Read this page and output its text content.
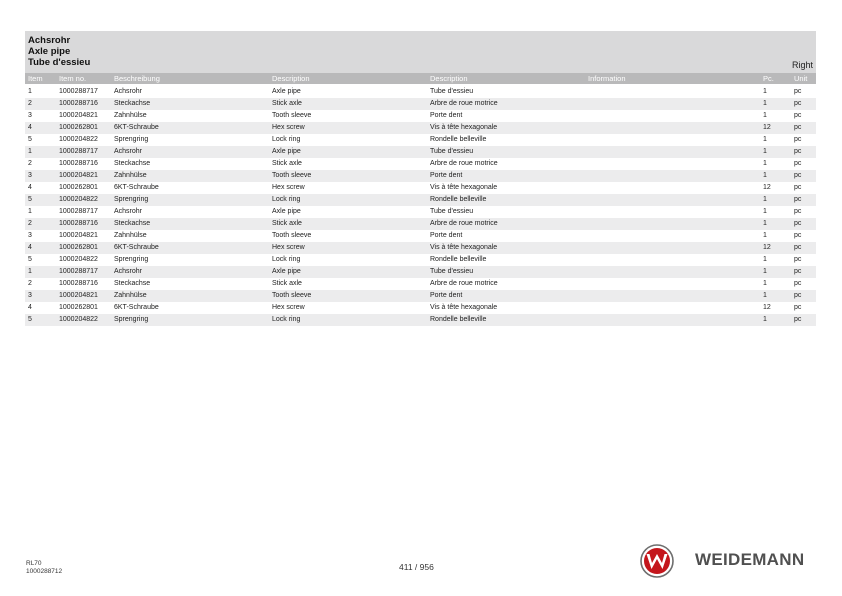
Achsrohr
Axle pipe
Tube d'essieu	Right
Item Item no.	Beschreibung	Description	Description	Information	Pc.	Unit
1	1000288717 Achsrohr	Axle pipe	Tube d'essieu	1	pc
2	1000288716 Steckachse	Stick axle	Arbre de roue motrice	1	pc
3	1000204821 Zahnhülse	Tooth sleeve	Porte dent	1	pc
4	1000262801 6KT-Schraube	Hex screw	Vis à tête hexagonale	12	pc
5	1000204822 Sprengring	Lock ring	Rondelle belleville	1	pc
1	1000288717 Achsrohr	Axle pipe	Tube d'essieu	1	pc
2	1000288716 Steckachse	Stick axle	Arbre de roue motrice	1	pc
3	1000204821 Zahnhülse	Tooth sleeve	Porte dent	1	pc
4	1000262801 6KT-Schraube	Hex screw	Vis à tête hexagonale	12	pc
5	1000204822 Sprengring	Lock ring	Rondelle belleville	1	pc
1	1000288717 Achsrohr	Axle pipe	Tube d'essieu	1	pc
2	1000288716 Steckachse	Stick axle	Arbre de roue motrice	1	pc
3	1000204821 Zahnhülse	Tooth sleeve	Porte dent	1	pc
4	1000262801 6KT-Schraube	Hex screw	Vis à tête hexagonale	12	pc
5	1000204822 Sprengring	Lock ring	Rondelle belleville	1	pc
1	1000288717 Achsrohr	Axle pipe	Tube d'essieu	1	pc
2	1000288716 Steckachse	Stick axle	Arbre de roue motrice	1	pc
3	1000204821 Zahnhülse	Tooth sleeve	Porte dent	1	pc
4	1000262801 6KT-Schraube	Hex screw	Vis à tête hexagonale	12	pc
5	1000204822 Sprengring	Lock ring	Rondelle belleville	1	pc
RL70
1000288712	411 / 956	WEIDEMANN
